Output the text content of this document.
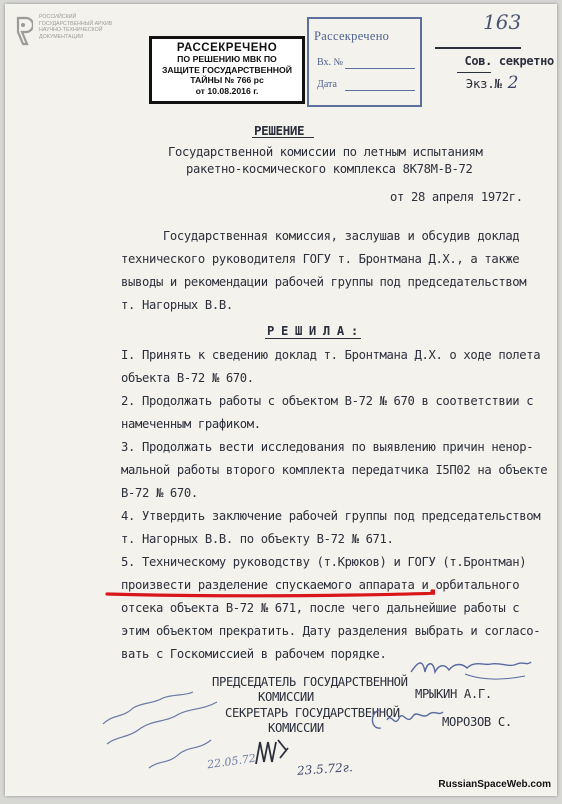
РОССИЙСКИЙ
ГОСУДАРСТВЕННЫЙ АРХИВ
НАУЧНО-ТЕХНИЧЕСКОЙ
ДОКУМЕНТАЦИИ
РАССЕКРЕЧЕНО
ПО РЕШЕНИЮ МВК ПО
ЗАЩИТЕ ГОСУДАРСТВЕННОЙ
ТАЙНЫ № 766 рс
от 10.08.2016 г.
Рассекречено
Вх. №
Дата
163

Сов. секретно

Экз.№ 2

РЕШЕНИЕ
Государственной комиссии по летным испытаниям
ракетно-космического комплекса 8К78М-В-72
от 28 апреля 1972г.
Государственная комиссия, заслушав и обсудив доклад
технического руководителя ГОГУ т. Бронтмана Д.Х., а также
выводы и рекомендации рабочей группы под председательством
т. Нагорных В.В.
Р Е Ш И Л А :
I. Принять к сведению доклад т. Бронтмана Д.Х. о ходе полета
объекта В-72 № 670.
2. Продолжать работы с объектом В-72 № 670 в соответствии с
намеченным графиком.
3. Продолжать вести исследования по выявлению причин ненор-
мальной работы второго комплекта передатчика I5П02 на объекте
В-72 № 670.
4. Утвердить заключение рабочей группы под председательством
т. Нагорных В.В. по объекту В-72 № 671.
5. Техническому руководству (т.Крюков) и ГОГУ (т.Бронтман)
произвести разделение спускаемого аппарата и орбитального
отсека объекта В-72 № 671, после чего дальнейшие работы с
этим объектом прекратить. Дату разделения выбрать и согласо-
вать с Госкомиссией в рабочем порядке.
ПРЕДСЕДАТЕЛЬ ГОСУДАРСТВЕННОЙ
КОМИССИИ	МРЫКИН А.Г.
СЕКРЕТАРЬ ГОСУДАРСТВЕННОЙ
КОМИССИИ	МОРОЗОВ С.
22.05.72	23.5.72г.
RussianSpaceWeb.com
